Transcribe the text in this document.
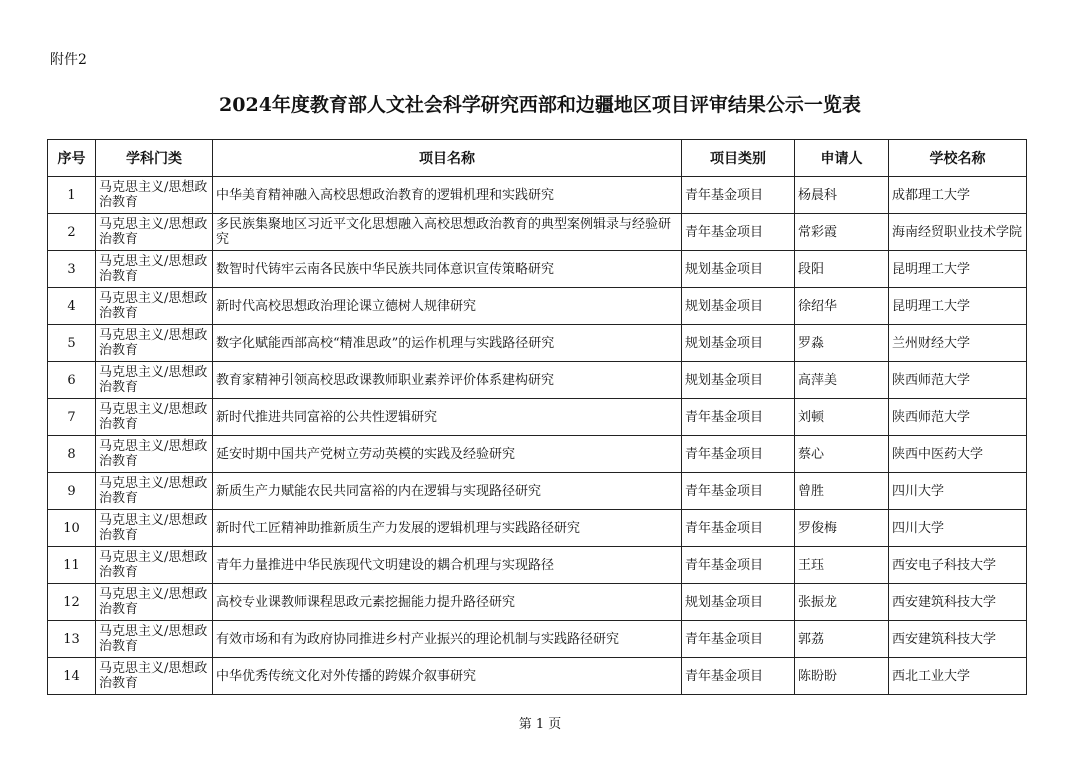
附件2
2024年度教育部人文社会科学研究西部和边疆地区项目评审结果公示一览表
序号	学科门类	项目名称	项目类别	申请人	学校名称
1	马克思主义/思想政治教育	中华美育精神融入高校思想政治教育的逻辑机理和实践研究	青年基金项目	杨晨科	成都理工大学
2	马克思主义/思想政治教育	多民族集聚地区习近平文化思想融入高校思想政治教育的典型案例辑录与经验研究	青年基金项目	常彩霞	海南经贸职业技术学院
3	马克思主义/思想政治教育	数智时代铸牢云南各民族中华民族共同体意识宣传策略研究	规划基金项目	段阳	昆明理工大学
4	马克思主义/思想政治教育	新时代高校思想政治理论课立德树人规律研究	规划基金项目	徐绍华	昆明理工大学
5	马克思主义/思想政治教育	数字化赋能西部高校“精准思政”的运作机理与实践路径研究	规划基金项目	罗淼	兰州财经大学
6	马克思主义/思想政治教育	教育家精神引领高校思政课教师职业素养评价体系建构研究	规划基金项目	高萍美	陕西师范大学
7	马克思主义/思想政治教育	新时代推进共同富裕的公共性逻辑研究	青年基金项目	刘顿	陕西师范大学
8	马克思主义/思想政治教育	延安时期中国共产党树立劳动英模的实践及经验研究	青年基金项目	蔡心	陕西中医药大学
9	马克思主义/思想政治教育	新质生产力赋能农民共同富裕的内在逻辑与实现路径研究	青年基金项目	曾胜	四川大学
10	马克思主义/思想政治教育	新时代工匠精神助推新质生产力发展的逻辑机理与实践路径研究	青年基金项目	罗俊梅	四川大学
11	马克思主义/思想政治教育	青年力量推进中华民族现代文明建设的耦合机理与实现路径	青年基金项目	王珏	西安电子科技大学
12	马克思主义/思想政治教育	高校专业课教师课程思政元素挖掘能力提升路径研究	规划基金项目	张振龙	西安建筑科技大学
13	马克思主义/思想政治教育	有效市场和有为政府协同推进乡村产业振兴的理论机制与实践路径研究	青年基金项目	郭荔	西安建筑科技大学
14	马克思主义/思想政治教育	中华优秀传统文化对外传播的跨媒介叙事研究	青年基金项目	陈盼盼	西北工业大学
第 1 页
